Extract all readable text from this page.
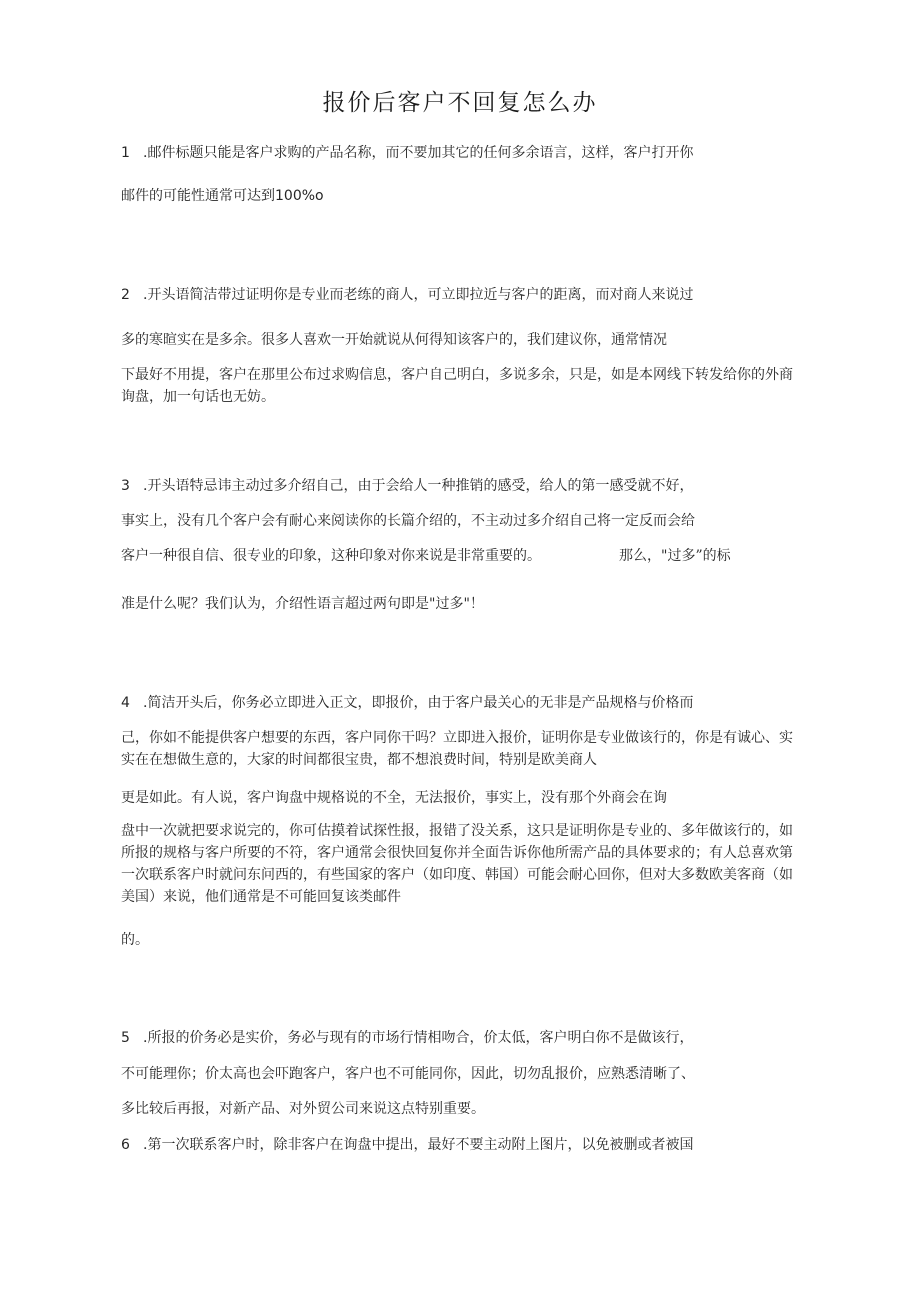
报价后客户不回复怎么办
1 .邮件标题只能是客户求购的产品名称，而不要加其它的任何多余语言，这样，客户打开你
邮件的可能性通常可达到100%o
2 .开头语简洁带过证明你是专业而老练的商人，可立即拉近与客户的距离，而对商人来说过
多的寒暄实在是多余。很多人喜欢一开始就说从何得知该客户的，我们建议你，通常情况
下最好不用提，客户在那里公布过求购信息，客户自己明白，多说多余，只是，如是本网线下转发给你的外商询盘，加一句话也无妨。
3 .开头语特忌讳主动过多介绍自己，由于会给人一种推销的感受，给人的第一感受就不好，
事实上，没有几个客户会有耐心来阅读你的长篇介绍的，不主动过多介绍自己将一定反而会给
客户一种很自信、很专业的印象，这种印象对你来说是非常重要的。	那么，"过多”的标
准是什么呢？我们认为，介绍性语言超过两句即是"过多"！
4 .简洁开头后，你务必立即进入正文，即报价，由于客户最关心的无非是产品规格与价格而
己，你如不能提供客户想要的东西，客户同你干吗？立即进入报价，证明你是专业做该行的，你是有诚心、实实在在想做生意的，大家的时间都很宝贵，都不想浪费时间，特别是欧美商人
更是如此。有人说，客户询盘中规格说的不全，无法报价，事实上，没有那个外商会在询
盘中一次就把要求说完的，你可估摸着试探性报，报错了没关系，这只是证明你是专业的、多年做该行的，如所报的规格与客户所要的不符，客户通常会很快回复你并全面告诉你他所需产品的具体要求的；有人总喜欢第一次联系客户时就问东问西的，有些国家的客户（如印度、韩国）可能会耐心回你，但对大多数欧美客商（如美国）来说，他们通常是不可能回复该类邮件
的。
5 .所报的价务必是实价，务必与现有的市场行情相吻合，价太低，客户明白你不是做该行，
不可能理你；价太高也会吓跑客户，客户也不可能同你，因此，切勿乱报价，应熟悉清晰了、
多比较后再报，对新产品、对外贸公司来说这点特别重要。
6 .第一次联系客户时，除非客户在询盘中提出，最好不要主动附上图片，以免被删或者被国
